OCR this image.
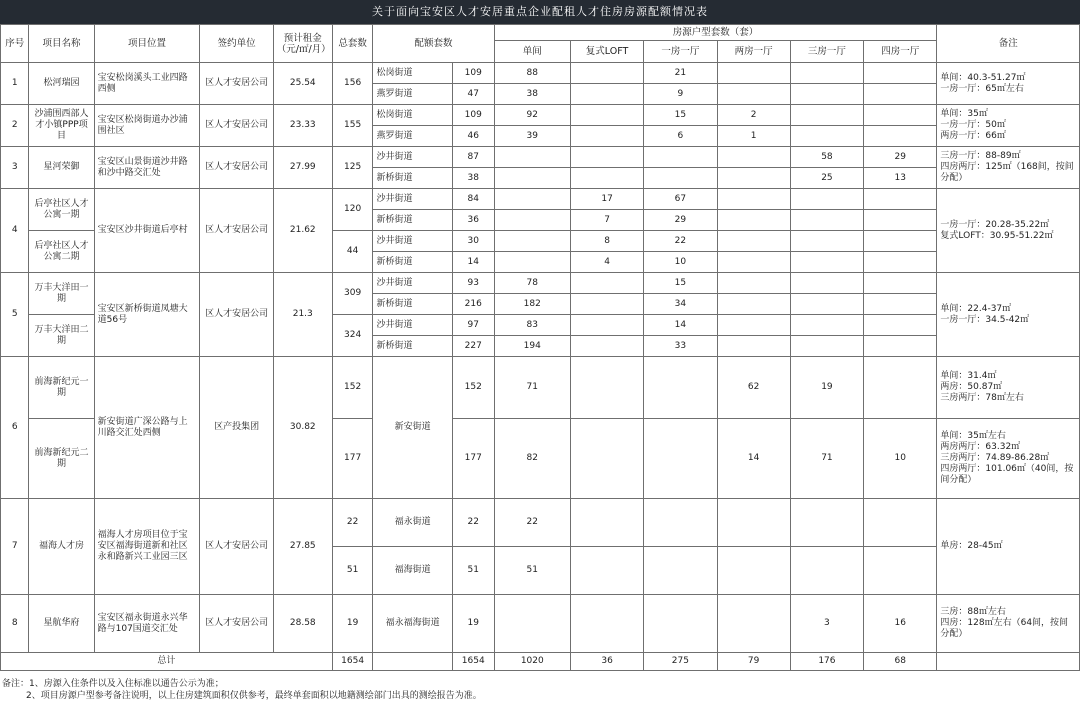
关于面向宝安区人才安居重点企业配租人才住房房源配额情况表
序号	项目名称	项目位置	签约单位	预计租金（元/㎡/月）	总套数	配额套数		房源户型套数（套）						备注
								单间	复式LOFT	一房一厅	两房一厅	三房一厅	四房一厅	
1	松河瑞园	宝安松岗溪头工业四路西侧	区人才安居公司	25.54	156	松岗街道	109	88		21				单间：40.3-51.27㎡
一房一厅：65㎡左右

						燕罗街道	47	38		9				
2	沙浦围西部人才小镇PPP项目	宝安区松岗街道办沙浦围社区	区人才安居公司	23.33	155	松岗街道	109	92		15	2			单间：35㎡
一房一厅：50㎡
两房一厅：66㎡

						燕罗街道	46	39		6	1			
3	星河荣御	宝安区山景街道沙井路和沙中路交汇处	区人才安居公司	27.99	125	沙井街道	87					58	29	三房一厅：88-89㎡
四房两厅：125㎡（168间，按间分配）

						新桥街道	38					25	13	
4	后亭社区人才公寓一期	宝安区沙井街道后亭村	区人才安居公司	21.62	120	沙井街道	84		17	67				一房一厅：20.28-35.22㎡
复式LOFT：30.95-51.22㎡

						新桥街道	36		7	29				
	后亭社区人才公寓二期				44	沙井街道	30		8	22				
						新桥街道	14		4	10				
5	万丰大洋田一期	宝安区新桥街道凤塘大道56号	区人才安居公司	21.3	309	沙井街道	93	78		15				单间：22.4-37㎡
一房一厅：34.5-42㎡

						新桥街道	216	182		34				
	万丰大洋田二期				324	沙井街道	97	83		14				
						新桥街道	227	194		33				
6	前海新纪元一期	新安街道广深公路与上川路交汇处西侧	区产投集团	30.82	152	新安街道	152	71			62	19		单间：31.4㎡
两房：50.87㎡
三房两厅：78㎡左右

	前海新纪元二期				177		177	82			14	71	10	单间：35㎡左右
两房两厅：63.32㎡
三房两厅：74.89-86.28㎡
四房两厅：101.06㎡（40间，按间分配）

7	福海人才房	福海人才房项目位于宝安区福海街道新和社区永和路新兴工业园三区	区人才安居公司	27.85	22	福永街道	22	22						单房：28-45㎡

					51	福海街道	51	51						
8	星航华府	宝安区福永街道永兴华路与107国道交汇处	区人才安居公司	28.58	19	福永福海街道	19					3	16	三房：88㎡左右
四房：128㎡左右（64间，按间分配）

总计					1654		1654	1020	36	275	79	176	68	
备注：1、房源入住条件以及入住标准以通告公示为准；
2、项目房源户型参考备注说明，以上住房建筑面积仅供参考，最终单套面积以地籍测绘部门出具的测绘报告为准。
